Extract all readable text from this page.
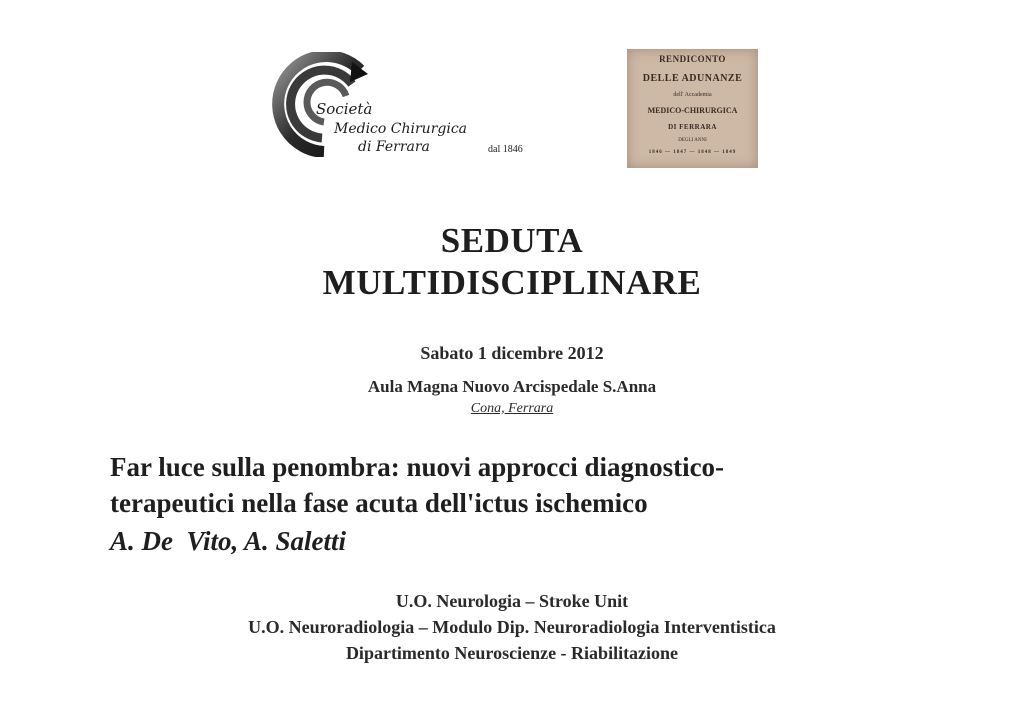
Società
Medico Chirurgica
di Ferrara	dal 1846
RENDICONTO
DELLE ADUNANZE
dell' Accademia
MEDICO-CHIRURGICA
DI FERRARA
DEGLI ANNI
1846 — 1847 — 1848 — 1849
SEDUTA
MULTIDISCIPLINARE
Sabato 1 dicembre 2012
Aula Magna Nuovo Arcispedale S.Anna
Cona, Ferrara
Far luce sulla penombra: nuovi approcci diagnostico-
terapeutici nella fase acuta dell'ictus ischemico
A. De  Vito, A. Saletti
U.O. Neurologia – Stroke Unit
U.O. Neuroradiologia – Modulo Dip. Neuroradiologia Interventistica
Dipartimento Neuroscienze - Riabilitazione
